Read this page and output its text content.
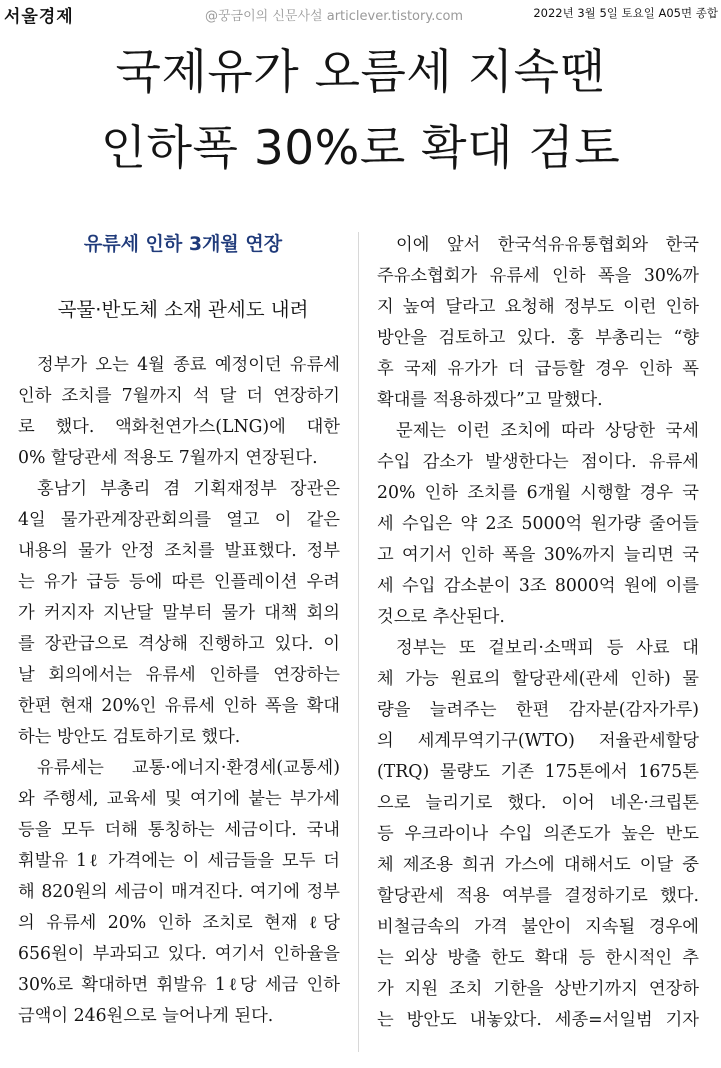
서울경제	@꿍금이의 신문사설 articlever.tistory.com	2022년 3월 5일 토요일 A05면 종합
국제유가 오름세 지속땐
인하폭 30%로 확대 검토
유류세 인하 3개월 연장
곡물·반도체 소재 관세도 내려
정부가 오는 4월 종료 예정이던 유류세
인하 조치를 7월까지 석 달 더 연장하기
로 했다. 액화천연가스(LNG)에 대한
0% 할당관세 적용도 7월까지 연장된다.
홍남기 부총리 겸 기획재정부 장관은
4일 물가관계장관회의를 열고 이 같은
내용의 물가 안정 조치를 발표했다. 정부
는 유가 급등 등에 따른 인플레이션 우려
가 커지자 지난달 말부터 물가 대책 회의
를 장관급으로 격상해 진행하고 있다. 이
날 회의에서는 유류세 인하를 연장하는
한편 현재 20%인 유류세 인하 폭을 확대
하는 방안도 검토하기로 했다.
유류세는 교통·에너지·환경세(교통세)
와 주행세, 교육세 및 여기에 붙는 부가세
등을 모두 더해 통칭하는 세금이다. 국내
휘발유 1ℓ 가격에는 이 세금들을 모두 더
해 820원의 세금이 매겨진다. 여기에 정부
의 유류세 20% 인하 조치로 현재 ℓ당
656원이 부과되고 있다. 여기서 인하율을
30%로 확대하면 휘발유 1ℓ당 세금 인하
금액이 246원으로 늘어나게 된다.
이에 앞서 한국석유유통협회와 한국
주유소협회가 유류세 인하 폭을 30%까
지 높여 달라고 요청해 정부도 이런 인하
방안을 검토하고 있다. 홍 부총리는 “향
후 국제 유가가 더 급등할 경우 인하 폭
확대를 적용하겠다”고 말했다.
문제는 이런 조치에 따라 상당한 국세
수입 감소가 발생한다는 점이다. 유류세
20% 인하 조치를 6개월 시행할 경우 국
세 수입은 약 2조 5000억 원가량 줄어들
고 여기서 인하 폭을 30%까지 늘리면 국
세 수입 감소분이 3조 8000억 원에 이를
것으로 추산된다.
정부는 또 겉보리·소맥피 등 사료 대
체 가능 원료의 할당관세(관세 인하) 물
량을 늘려주는 한편 감자분(감자가루)
의 세계무역기구(WTO) 저율관세할당
(TRQ) 물량도 기존 175톤에서 1675톤
으로 늘리기로 했다. 이어 네온·크립톤
등 우크라이나 수입 의존도가 높은 반도
체 제조용 희귀 가스에 대해서도 이달 중
할당관세 적용 여부를 결정하기로 했다.
비철금속의 가격 불안이 지속될 경우에
는 외상 방출 한도 확대 등 한시적인 추
가 지원 조치 기한을 상반기까지 연장하
는 방안도 내놓았다. 세종=서일범 기자
